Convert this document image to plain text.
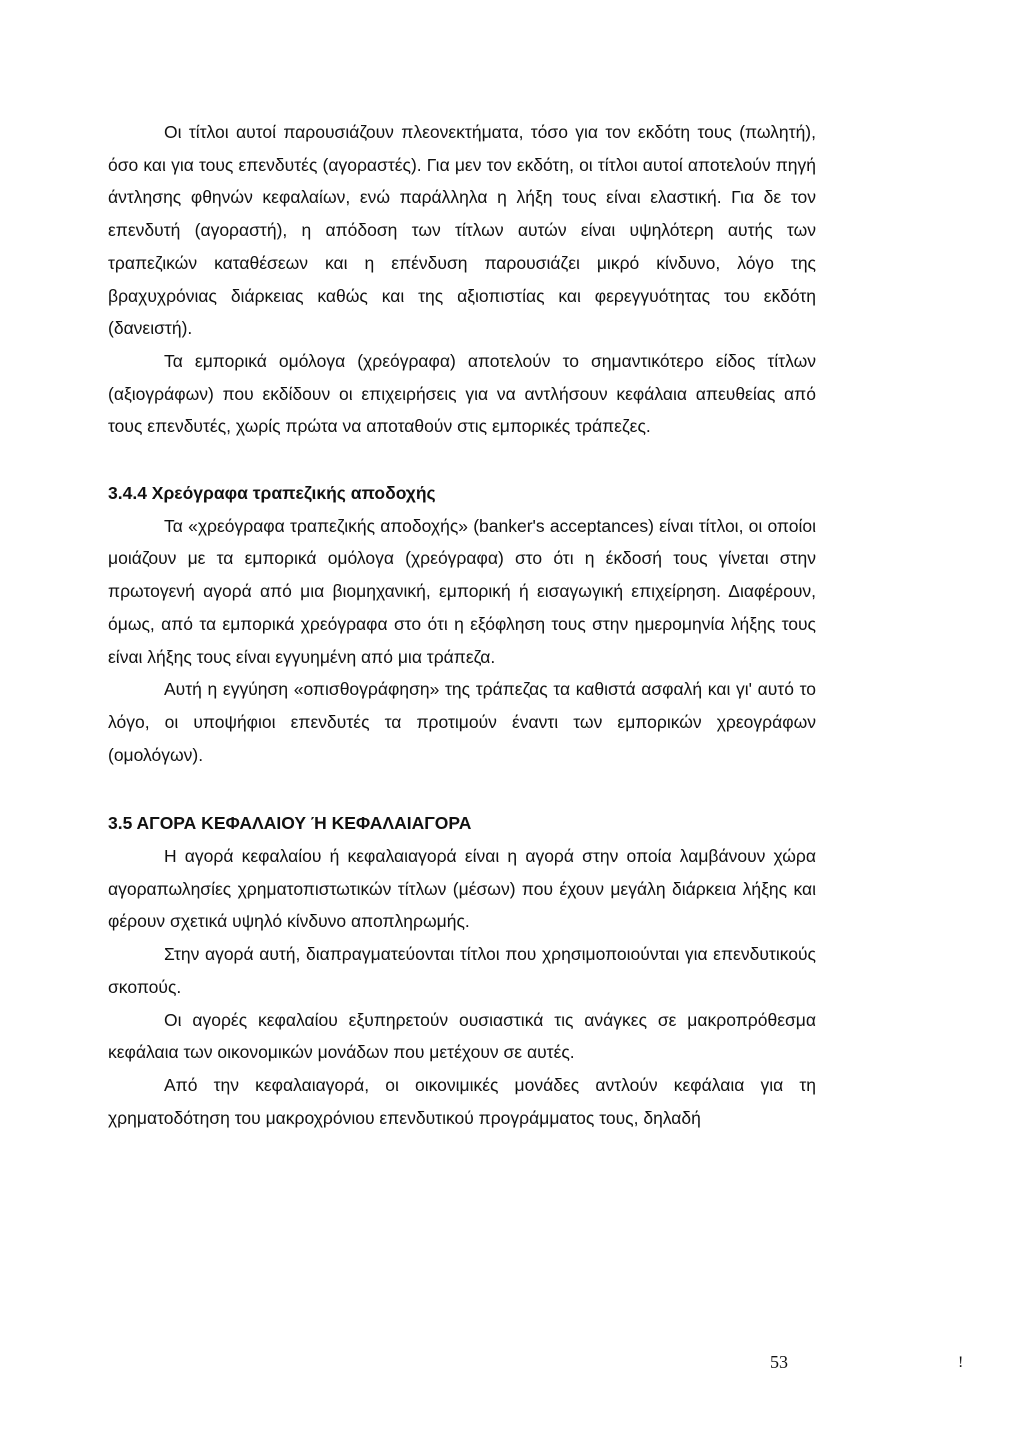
Οι τίτλοι αυτοί παρουσιάζουν πλεονεκτήματα, τόσο για τον εκδότη τους (πωλητή), όσο και για τους επενδυτές (αγοραστές). Για μεν τον εκδότη, οι τίτλοι αυτοί αποτελούν πηγή άντλησης φθηνών κεφαλαίων, ενώ παράλληλα η λήξη τους είναι ελαστική. Για δε τον επενδυτή (αγοραστή), η απόδοση των τίτλων αυτών είναι υψηλότερη αυτής των τραπεζικών καταθέσεων και η επένδυση παρουσιάζει μικρό κίνδυνο, λόγο της βραχυχρόνιας διάρκειας καθώς και της αξιοπιστίας και φερεγγυότητας του εκδότη (δανειστή).

Τα εμπορικά ομόλογα (χρεόγραφα) αποτελούν το σημαντικότερο είδος τίτλων (αξιογράφων) που εκδίδουν οι επιχειρήσεις για να αντλήσουν κεφάλαια απευθείας από τους επενδυτές, χωρίς πρώτα να αποταθούν στις εμπορικές τράπεζες.

3.4.4 Χρεόγραφα τραπεζικής αποδοχής

Τα «χρεόγραφα τραπεζικής αποδοχής» (banker's acceptances) είναι τίτλοι, οι οποίοι μοιάζουν με τα εμπορικά ομόλογα (χρεόγραφα) στο ότι η έκδοσή τους γίνεται στην πρωτογενή αγορά από μια βιομηχανική, εμπορική ή εισαγωγική επιχείρηση. Διαφέρουν, όμως, από τα εμπορικά χρεόγραφα στο ότι η εξόφληση τους στην ημερομηνία λήξης τους είναι λήξης τους είναι εγγυημένη από μια τράπεζα.

Αυτή η εγγύηση «οπισθογράφηση» της τράπεζας τα καθιστά ασφαλή και γι' αυτό το λόγο, οι υποψήφιοι επενδυτές τα προτιμούν έναντι των εμπορικών χρεογράφων (ομολόγων).

3.5 ΑΓΟΡΑ ΚΕΦΑΛΑΙΟΥ Ή ΚΕΦΑΛΑΙΑΓΟΡΑ

Η αγορά κεφαλαίου ή κεφαλαιαγορά είναι η αγορά στην οποία λαμβάνουν χώρα αγοραπωλησίες χρηματοπιστωτικών τίτλων (μέσων) που έχουν μεγάλη διάρκεια λήξης και φέρουν σχετικά υψηλό κίνδυνο αποπληρωμής.

Στην αγορά αυτή, διαπραγματεύονται τίτλοι που χρησιμοποιούνται για επενδυτικούς σκοπούς.

Οι αγορές κεφαλαίου εξυπηρετούν ουσιαστικά τις ανάγκες σε μακροπρόθεσμα κεφάλαια των οικονομικών μονάδων που μετέχουν σε αυτές.

Από την κεφαλαιαγορά, οι οικονιμικές μονάδες αντλούν κεφάλαια για τη χρηματοδότηση του μακροχρόνιου επενδυτικού προγράμματος τους, δηλαδή

53	!
